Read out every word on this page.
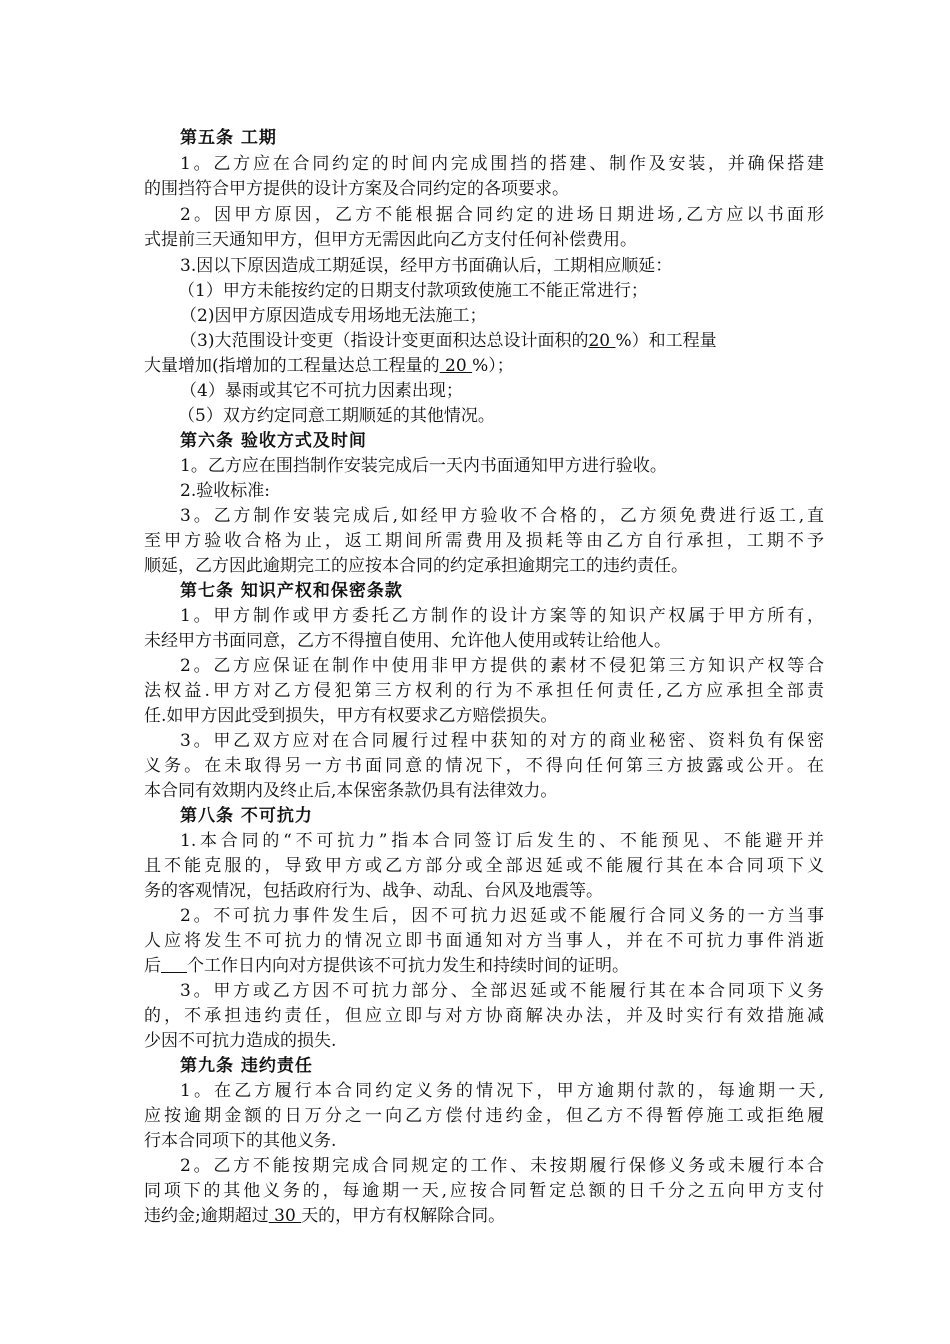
第五条 工期
1。乙方应在合同约定的时间内完成围挡的搭建、制作及安装，并确保搭建
的围挡符合甲方提供的设计方案及合同约定的各项要求。
2。因甲方原因，乙方不能根据合同约定的进场日期进场,乙方应以书面形
式提前三天通知甲方，但甲方无需因此向乙方支付任何补偿费用。
3.因以下原因造成工期延误，经甲方书面确认后，工期相应顺延：
（1）甲方未能按约定的日期支付款项致使施工不能正常进行；
（2)因甲方原因造成专用场地无法施工；
（3)大范围设计变更（指设计变更面积达总设计面积的20 %）和工程量
大量增加(指增加的工程量达总工程量的 20 %）；
（4）暴雨或其它不可抗力因素出现；
（5）双方约定同意工期顺延的其他情况。
第六条 验收方式及时间
1。乙方应在围挡制作安装完成后一天内书面通知甲方进行验收。
2.验收标准:
3。乙方制作安装完成后,如经甲方验收不合格的，乙方须免费进行返工,直
至甲方验收合格为止，返工期间所需费用及损耗等由乙方自行承担，工期不予
顺延，乙方因此逾期完工的应按本合同的约定承担逾期完工的违约责任。
第七条 知识产权和保密条款
1。甲方制作或甲方委托乙方制作的设计方案等的知识产权属于甲方所有，
未经甲方书面同意，乙方不得擅自使用、允许他人使用或转让给他人。
2。乙方应保证在制作中使用非甲方提供的素材不侵犯第三方知识产权等合
法权益.甲方对乙方侵犯第三方权利的行为不承担任何责任,乙方应承担全部责
任.如甲方因此受到损失，甲方有权要求乙方赔偿损失。
3。甲乙双方应对在合同履行过程中获知的对方的商业秘密、资料负有保密
义务。在未取得另一方书面同意的情况下，不得向任何第三方披露或公开。在
本合同有效期内及终止后,本保密条款仍具有法律效力。
第八条 不可抗力
1.本合同的“不可抗力”指本合同签订后发生的、不能预见、不能避开并
且不能克服的，导致甲方或乙方部分或全部迟延或不能履行其在本合同项下义
务的客观情况，包括政府行为、战争、动乱、台风及地震等。
2。不可抗力事件发生后，因不可抗力迟延或不能履行合同义务的一方当事
人应将发生不可抗力的情况立即书面通知对方当事人，并在不可抗力事件消逝
后 个工作日内向对方提供该不可抗力发生和持续时间的证明。
3。甲方或乙方因不可抗力部分、全部迟延或不能履行其在本合同项下义务
的，不承担违约责任，但应立即与对方协商解决办法，并及时实行有效措施减
少因不可抗力造成的损失.
第九条 违约责任
1。在乙方履行本合同约定义务的情况下，甲方逾期付款的，每逾期一天,
应按逾期金额的日万分之一向乙方偿付违约金，但乙方不得暂停施工或拒绝履
行本合同项下的其他义务.
2。乙方不能按期完成合同规定的工作、未按期履行保修义务或未履行本合
同项下的其他义务的，每逾期一天,应按合同暂定总额的日千分之五向甲方支付
违约金;逾期超过 30 天的，甲方有权解除合同。
